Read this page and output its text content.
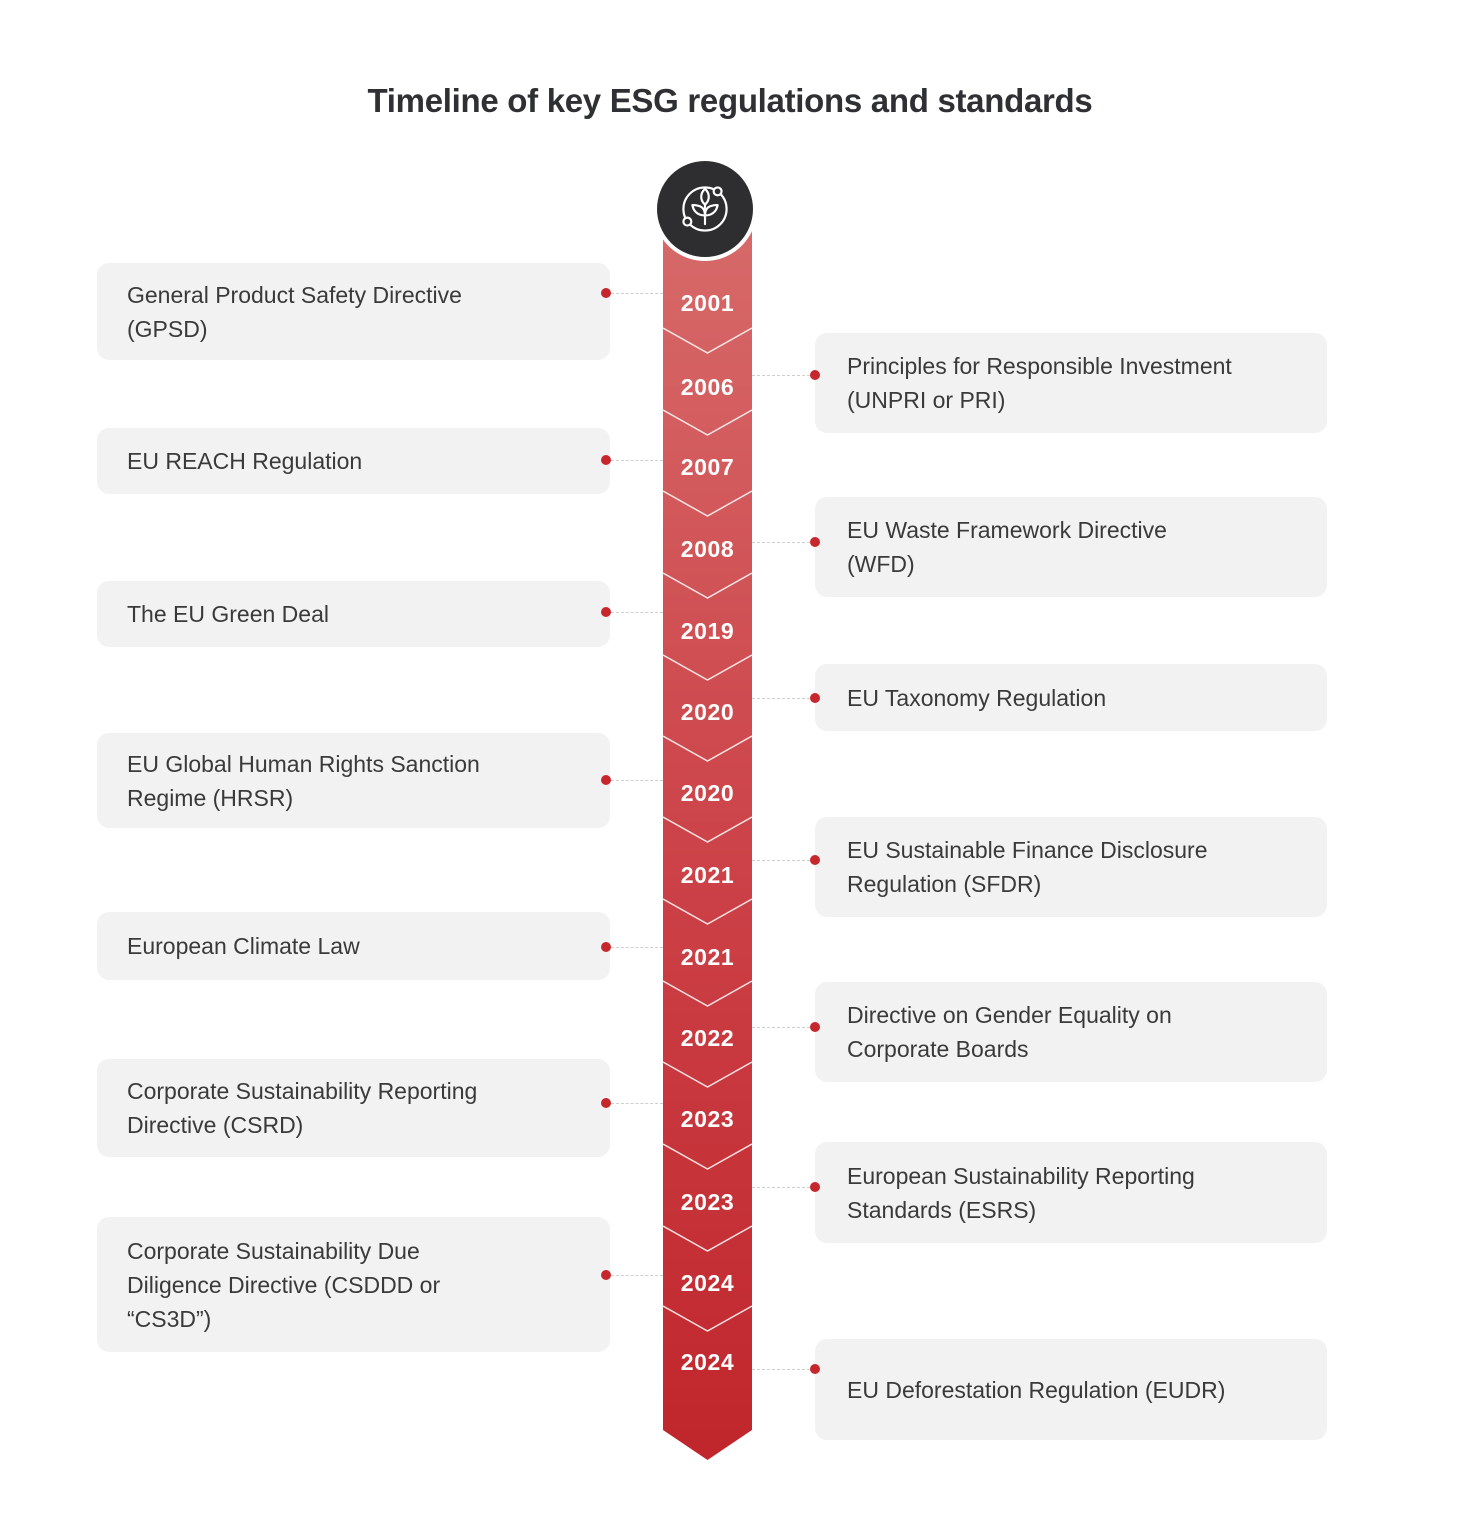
Timeline of key ESG regulations and standards
2001
2006
2007
2008
2019
2020
2020
2021
2021
2022
2023
2023
2024
2024
General Product Safety Directive (GPSD)
EU REACH Regulation
The EU Green Deal
EU Global Human Rights Sanction Regime (HRSR)
European Climate Law
Corporate Sustainability Reporting Directive (CSRD)
Corporate Sustainability Due Diligence Directive (CSDDD or “CS3D”)
Principles for Responsible Investment (UNPRI or PRI)
EU Waste Framework Directive (WFD)
EU Taxonomy Regulation
EU Sustainable Finance Disclosure Regulation (SFDR)
Directive on Gender Equality on Corporate Boards
European Sustainability Reporting Standards (ESRS)
EU Deforestation Regulation (EUDR)
